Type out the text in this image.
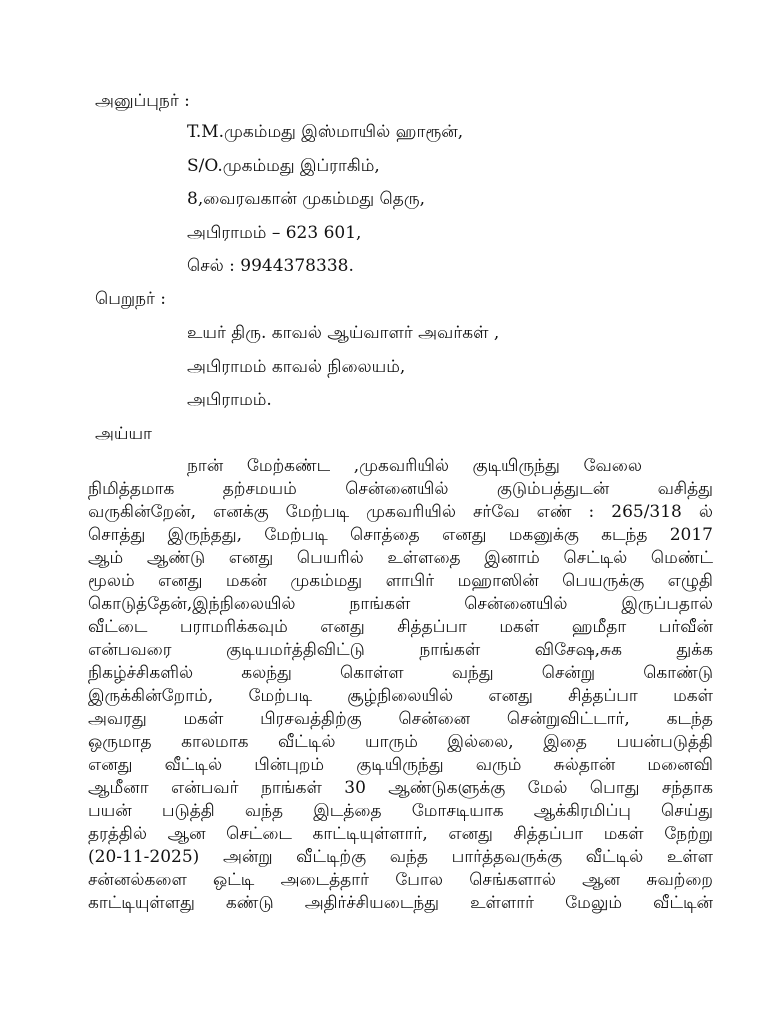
அனுப்புநர் :
T.M.முகம்மது இஸ்மாயில் ஹாரூன்,
S/O.முகம்மது இப்ராகிம்,
8,வைரவகான் முகம்மது தெரு,
அபிராமம் – 623 601,
செல் : 9944378338.
பெறுநர் :
உயர் திரு. காவல் ஆய்வாளர் அவர்கள் ,
அபிராமம் காவல் நிலையம்,
அபிராமம்.
அய்யா
நான் மேற்கண்ட ,முகவரியில் குடியிருந்து வேலை
நிமித்தமாக தற்சமயம் சென்னையில் குடும்பத்துடன் வசித்து
வருகின்றேன், எனக்கு மேற்படி முகவரியில் சர்வே எண் : 265/318 ல்
சொத்து இருந்தது, மேற்படி சொத்தை எனது மகனுக்கு கடந்த 2017
ஆம் ஆண்டு எனது பெயரில் உள்ளதை இனாம் செட்டில் மெண்ட்
மூலம் எனது மகன் முகம்மது ளாபிர் மஹாஸின் பெயருக்கு எழுதி
கொடுத்தேன்,இந்நிலையில் நாங்கள் சென்னையில் இருப்பதால்
வீட்டை பராமரிக்கவும் எனது சித்தப்பா மகள் ஹமீதா பர்வீன்
என்பவரை குடியமர்த்திவிட்டு நாங்கள் விசேஷ,சுக துக்க
நிகழ்ச்சிகளில் கலந்து கொள்ள வந்து சென்று கொண்டு
இருக்கின்றோம், மேற்படி சூழ்நிலையில் எனது சித்தப்பா மகள்
அவரது மகள் பிரசவத்திற்கு சென்னை சென்றுவிட்டார், கடந்த
ஒருமாத காலமாக வீட்டில் யாரும் இல்லை, இதை பயன்படுத்தி
எனது வீட்டில் பின்புறம் குடியிருந்து வரும் சுல்தான் மனைவி
ஆமீனா என்பவர் நாங்கள் 30 ஆண்டுகளுக்கு மேல் பொது சந்தாக
பயன் படுத்தி வந்த இடத்தை மோசடியாக ஆக்கிரமிப்பு செய்து
தரத்தில் ஆன செட்டை காட்டியுள்ளார், எனது சித்தப்பா மகள் நேற்று
(20-11-2025) அன்று வீட்டிற்கு வந்த பார்த்தவருக்கு வீட்டில் உள்ள
சன்னல்களை ஒட்டி அடைத்தார் போல செங்களால் ஆன சுவற்றை
காட்டியுள்ளது கண்டு அதிர்ச்சியடைந்து உள்ளார் மேலும் வீட்டின்
